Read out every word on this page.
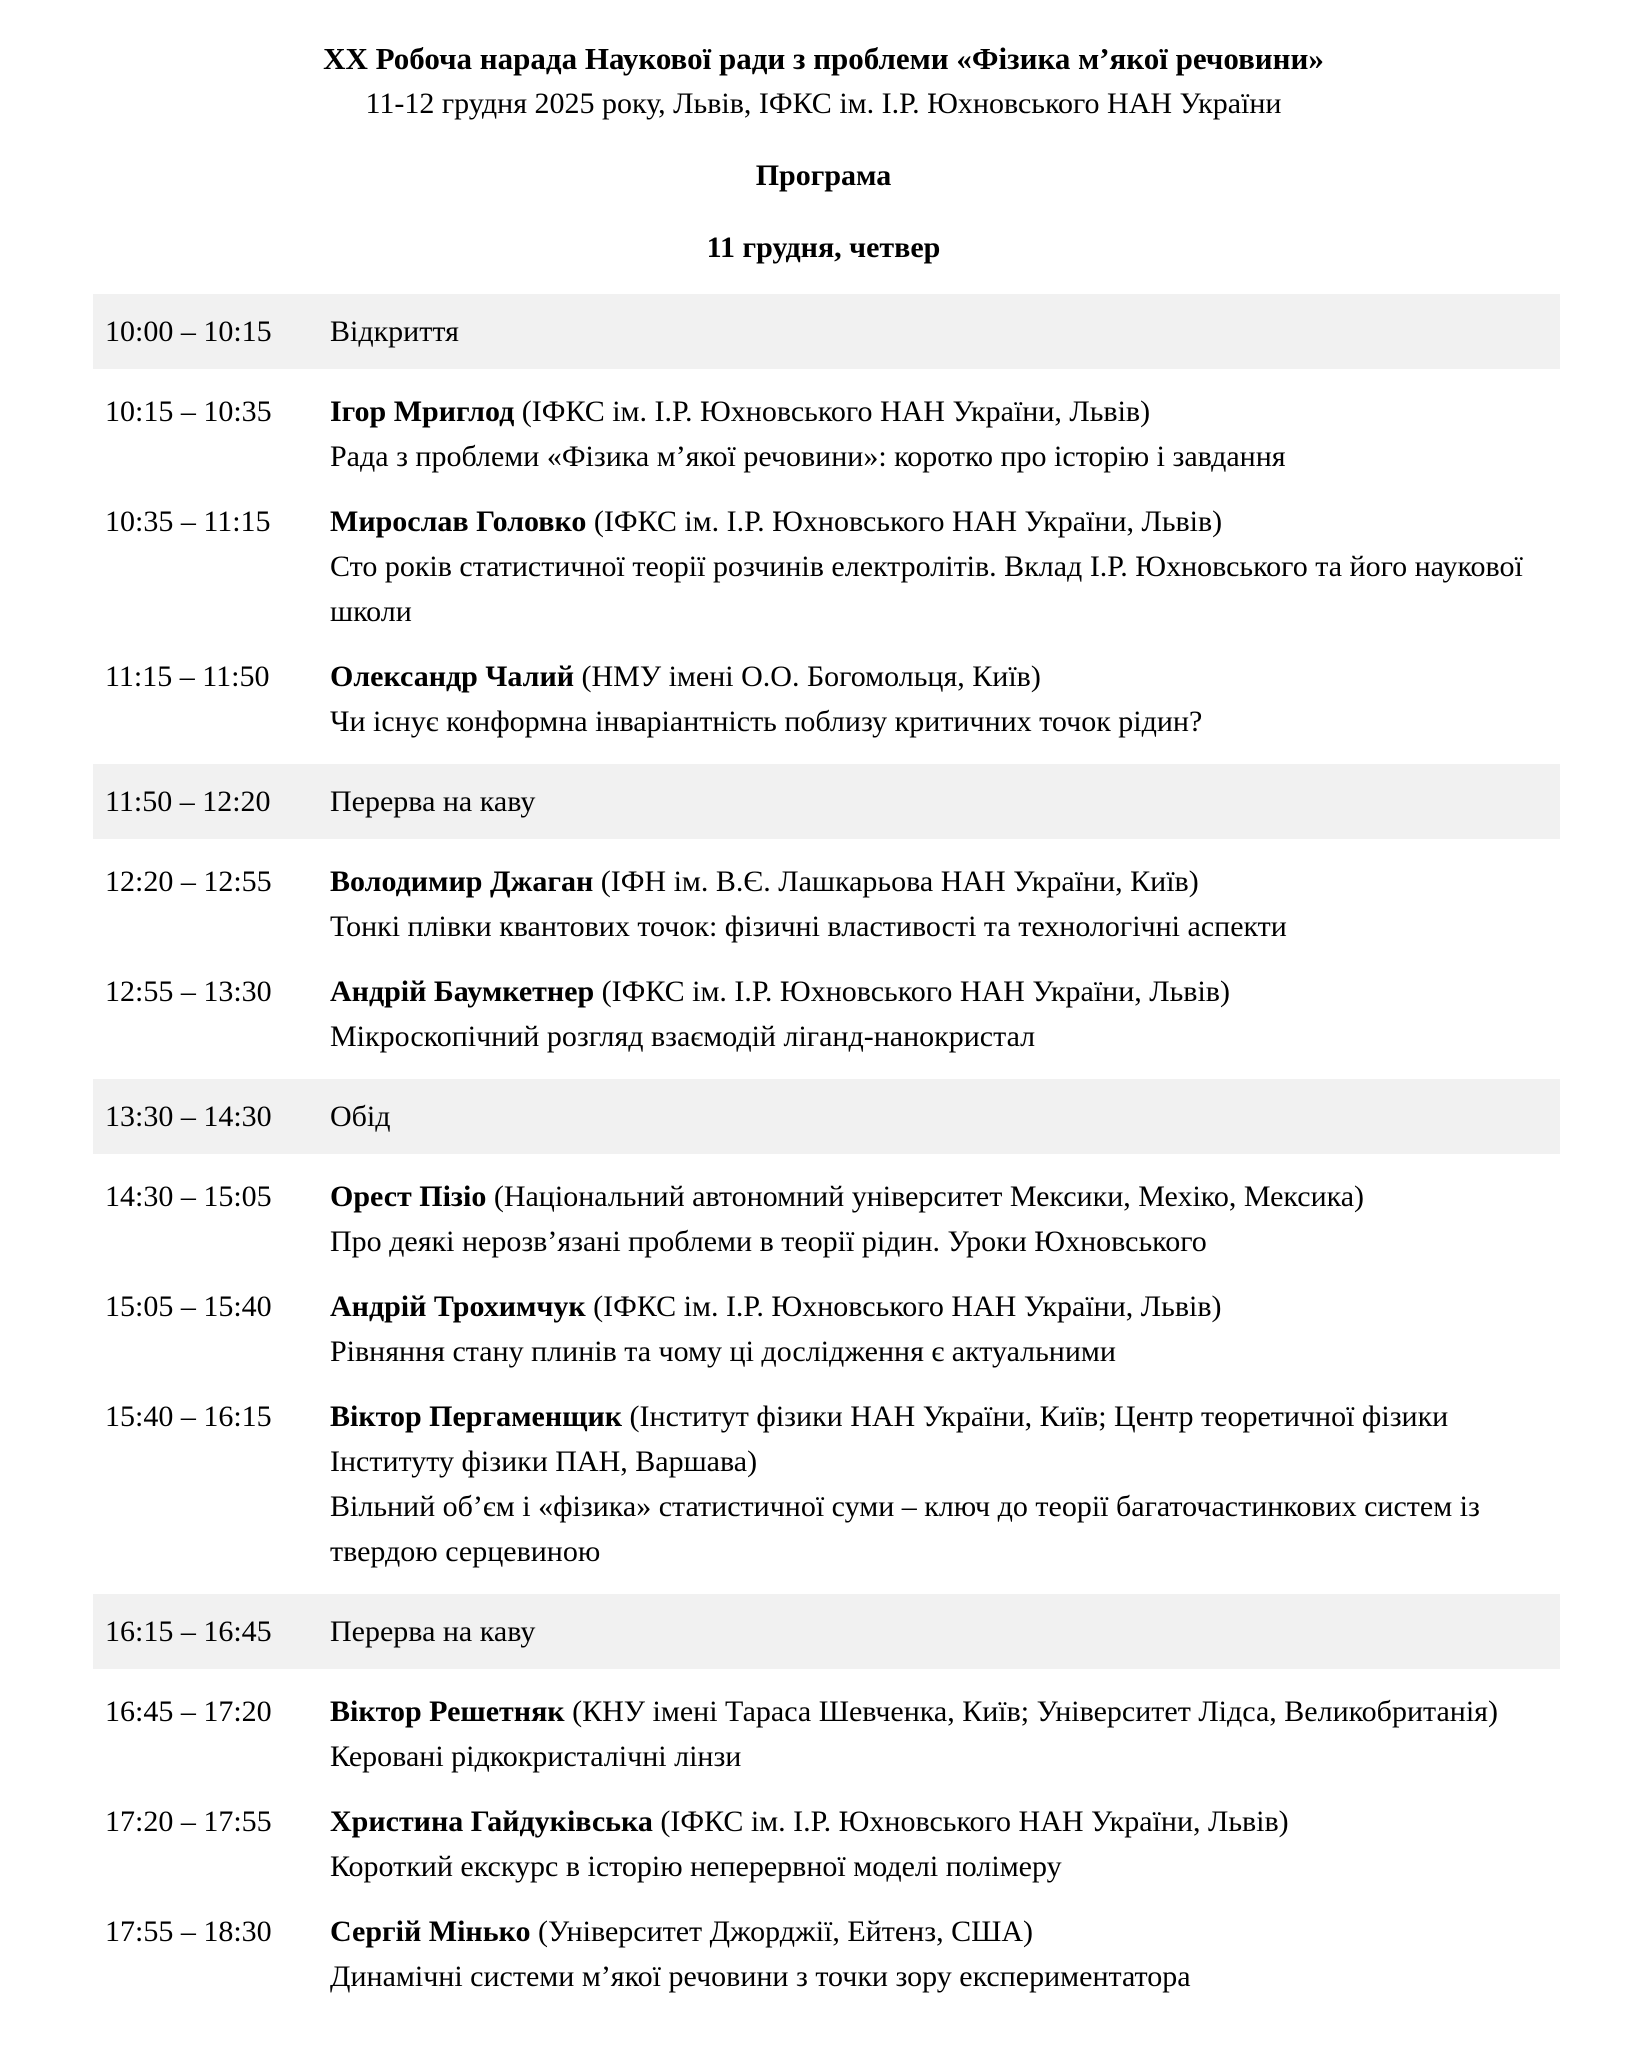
ХХ Робоча нарада Наукової ради з проблеми «Фізика м’якої речовини»
11-12 грудня 2025 року, Львів, ІФКС ім. І.Р. Юхновського НАН України
Програма
11 грудня, четвер
10:00 – 10:15	Відкриття
10:15 – 10:35	Ігор Мриглод (ІФКС ім. І.Р. Юхновського НАН України, Львів)
Рада з проблеми «Фізика м’якої речовини»: коротко про історію і завдання
10:35 – 11:15	Мирослав Головко (ІФКС ім. І.Р. Юхновського НАН України, Львів)
Сто років статистичної теорії розчинів електролітів. Вклад І.Р. Юхновського та його наукової школи
11:15 – 11:50	Олександр Чалий (НМУ імені О.О. Богомольця, Київ)
Чи існує конформна інваріантність поблизу критичних точок рідин?
11:50 – 12:20	Перерва на каву
12:20 – 12:55	Володимир Джаган (ІФН ім. В.Є. Лашкарьова НАН України, Київ)
Тонкі плівки квантових точок: фізичні властивості та технологічні аспекти
12:55 – 13:30	Андрій Баумкетнер (ІФКС ім. І.Р. Юхновського НАН України, Львів)
Мікроскопічний розгляд взаємодій ліганд-нанокристал
13:30 – 14:30	Обід
14:30 – 15:05	Орест Пізіо (Національний автономний університет Мексики, Мехіко, Мексика)
Про деякі нерозв’язані проблеми в теорії рідин. Уроки Юхновського
15:05 – 15:40	Андрій Трохимчук (ІФКС ім. І.Р. Юхновського НАН України, Львів)
Рівняння стану плинів та чому ці дослідження є актуальними
15:40 – 16:15	Віктор Пергаменщик (Інститут фізики НАН України, Київ; Центр теоретичної фізики Інституту фізики ПАН, Варшава)
Вільний об’єм і «фізика» статистичної суми – ключ до теорії багаточастинкових систем із твердою серцевиною
16:15 – 16:45	Перерва на каву
16:45 – 17:20	Віктор Решетняк (КНУ імені Тараса Шевченка, Київ; Університет Лідса, Великобританія)
Керовані рідкокристалічні лінзи
17:20 – 17:55	Христина Гайдуківська (ІФКС ім. І.Р. Юхновського НАН України, Львів)
Короткий екскурс в історію неперервної моделі полімеру
17:55 – 18:30	Сергій Мінько (Університет Джорджії, Ейтенз, США)
Динамічні системи м’якої речовини з точки зору експериментатора
